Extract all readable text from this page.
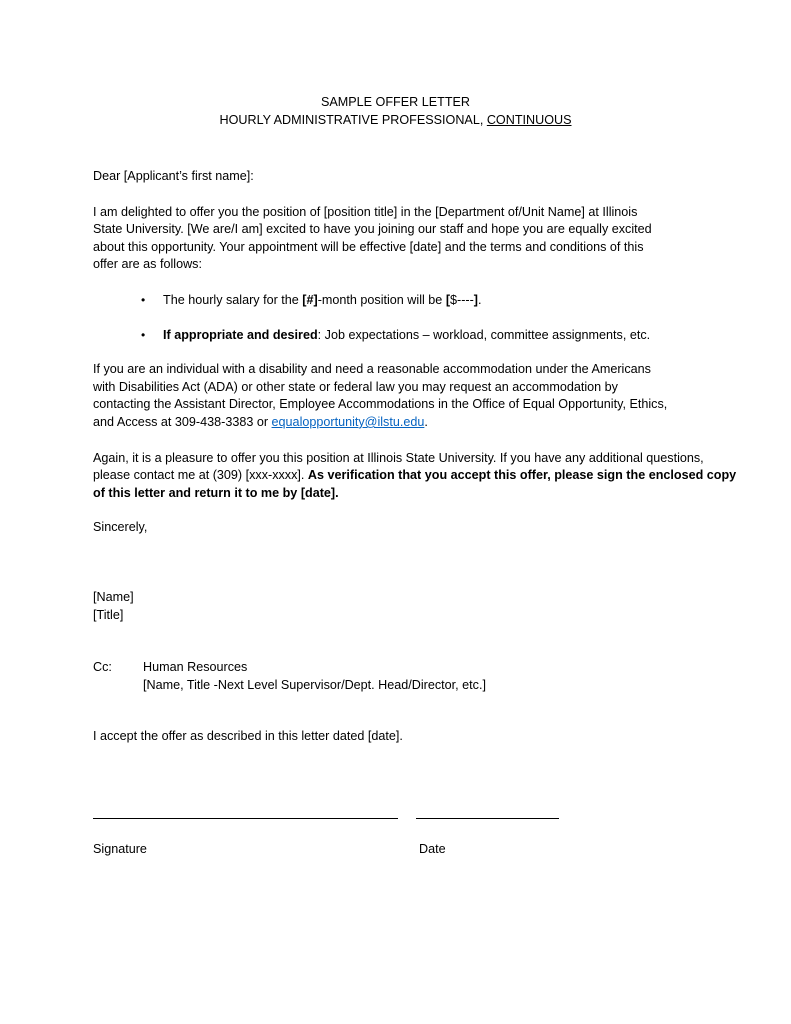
SAMPLE OFFER LETTER
HOURLY ADMINISTRATIVE PROFESSIONAL, CONTINUOUS

Dear [Applicant’s first name]:

I am delighted to offer you the position of [position title] in the [Department of/Unit Name] at Illinois
State University. [We are/I am] excited to have you joining our staff and hope you are equally excited
about this opportunity. Your appointment will be effective [date] and the terms and conditions of this
offer are as follows:
• The hourly salary for the [#]-month position will be [$----].
• If appropriate and desired: Job expectations – workload, committee assignments, etc.
If you are an individual with a disability and need a reasonable accommodation under the Americans
with Disabilities Act (ADA) or other state or federal law you may request an accommodation by
contacting the Assistant Director, Employee Accommodations in the Office of Equal Opportunity, Ethics,
and Access at 309-438-3383 or equalopportunity@ilstu.edu.
Again, it is a pleasure to offer you this position at Illinois State University. If you have any additional questions,
please contact me at (309) [xxx-xxxx]. As verification that you accept this offer, please sign the enclosed copy
of this letter and return it to me by [date].

Sincerely,

[Name]
[Title]
Cc:	Human Resources
[Name, Title -Next Level Supervisor/Dept. Head/Director, etc.]

I accept the offer as described in this letter dated [date].

Signature	Date
